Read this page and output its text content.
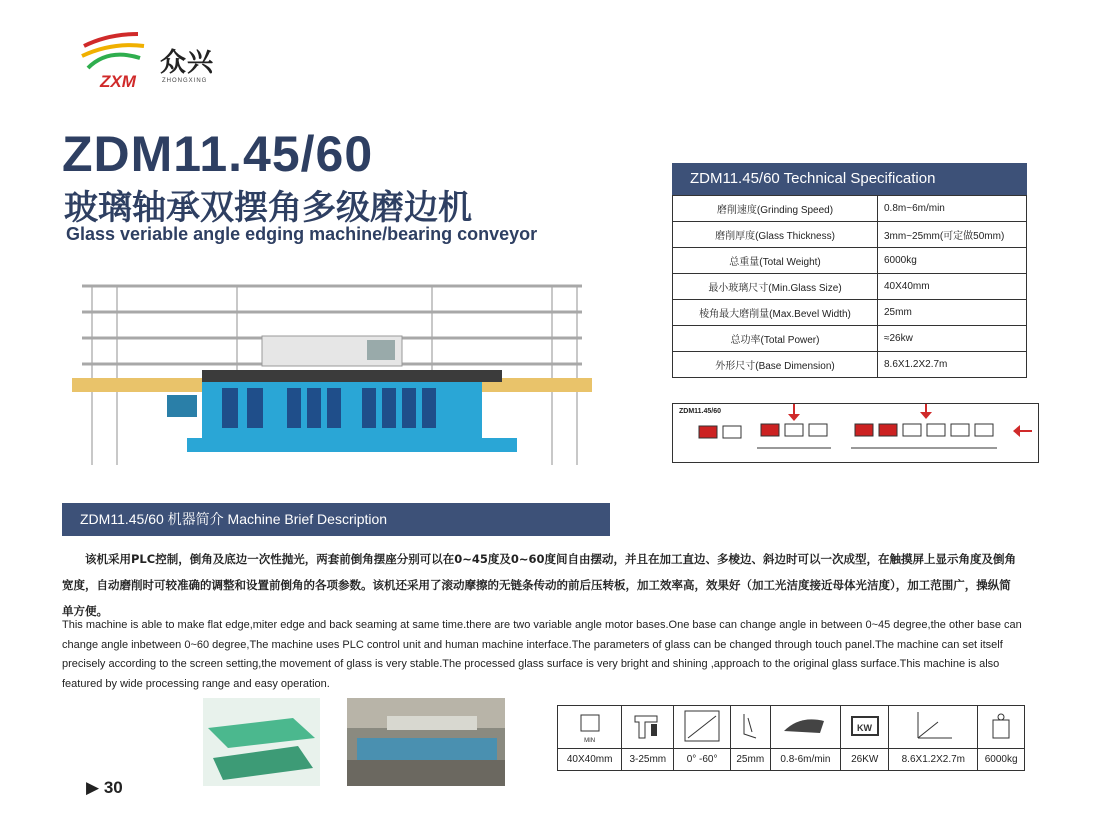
ZXM
众兴
ZHONGXING
ZDM11.45/60
玻璃轴承双摆角多级磨边机
Glass veriable angle edging machine/bearing conveyor
ZDM11.45/60 Technical Specification
磨削速度(Grinding Speed)	0.8m~6m/min
磨削厚度(Glass Thickness)	3mm~25mm(可定做50mm)
总重量(Total Weight)	6000kg
最小玻璃尺寸(Min.Glass Size)	40X40mm
棱角最大磨削量(Max.Bevel Width)	25mm
总功率(Total Power)	≈26kw
外形尺寸(Base Dimension)	8.6X1.2X2.7m
ZDM11.45/60
ZDM11.45/60 机器简介 Machine Brief Description
该机采用PLC控制，倒角及底边一次性抛光，两套前倒角摆座分别可以在0~45度及0~60度间自由摆动，并且在加工直边、多棱边、斜边时可以一次成型，在触摸屏上显示角度及倒角宽度，自动磨削时可较准确的调整和设置前倒角的各项参数。该机还采用了滚动摩擦的无链条传动的前后压转板，加工效率高，效果好（加工光洁度接近母体光洁度），加工范围广，操纵简单方便。
This machine is able to make flat edge,miter edge and back seaming at same time.there are two variable angle motor bases.One base can change angle in between 0~45 degree,the other base can change angle inbetween 0~60 degree,The machine uses PLC control unit and human machine interface.The parameters of glass can be changed through touch panel.The machine can set itself precisely according to the screen setting,the movement of glass is very stable.The processed glass surface is very bright and shining ,approach to the original glass surface.This machine is also featured by wide processing range and easy operation.
MIN					KW

40X40mm	3-25mm	0° -60°	25mm	0.8-6m/min	26KW	8.6X1.2X2.7m	6000kg
▶ 30
